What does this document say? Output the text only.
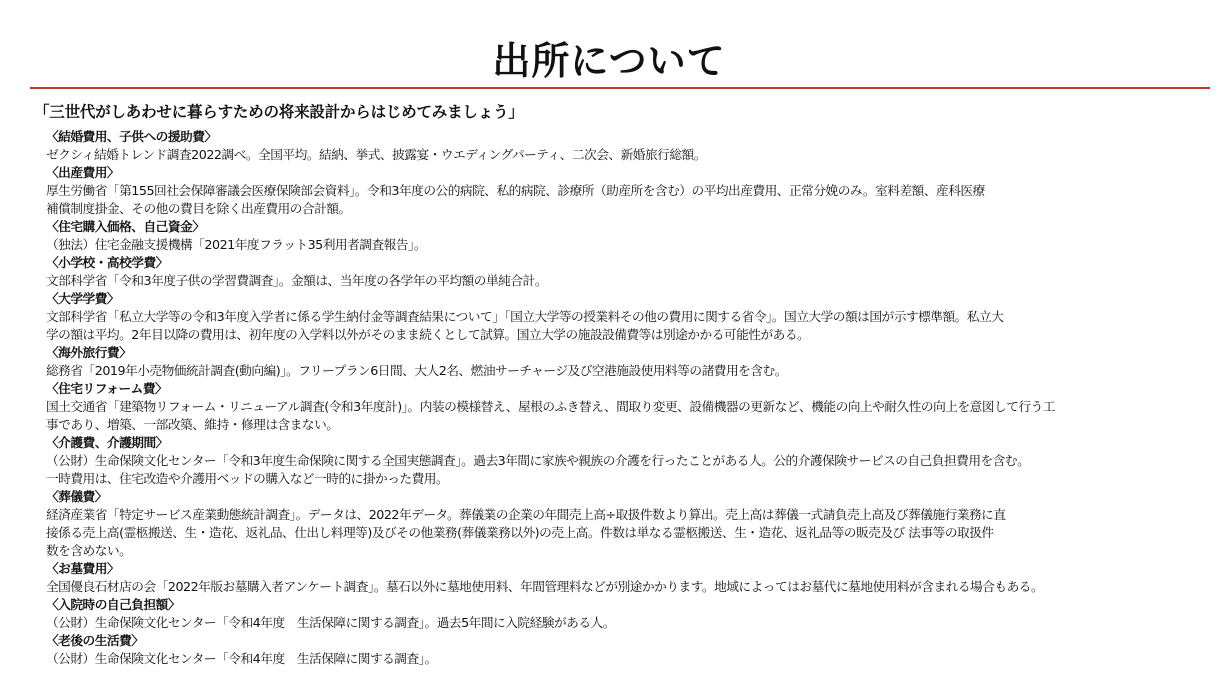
出所について
「三世代がしあわせに暮らすための将来設計からはじめてみましょう」
〈結婚費用、子供への援助費〉
ゼクシィ結婚トレンド調査2022調べ。全国平均。結納、挙式、披露宴・ウエディングパーティ、二次会、新婚旅行総額。
〈出産費用〉
厚生労働省「第155回社会保障審議会医療保険部会資料」。令和3年度の公的病院、私的病院、診療所（助産所を含む）の平均出産費用、正常分娩のみ。室料差額、産科医療
補償制度掛金、その他の費目を除く出産費用の合計額。
〈住宅購入価格、自己資金〉
（独法）住宅金融支援機構「2021年度フラット35利用者調査報告」。
〈小学校・高校学費〉
文部科学省「令和3年度子供の学習費調査」。金額は、当年度の各学年の平均額の単純合計。
〈大学学費〉
文部科学省「私立大学等の令和3年度入学者に係る学生納付金等調査結果について」「国立大学等の授業料その他の費用に関する省令」。国立大学の額は国が示す標準額。私立大
学の額は平均。2年目以降の費用は、初年度の入学料以外がそのまま続くとして試算。国立大学の施設設備費等は別途かかる可能性がある。
〈海外旅行費〉
総務省「2019年小売物価統計調査(動向編)」。フリープラン6日間、大人2名、燃油サーチャージ及び空港施設使用料等の諸費用を含む。
〈住宅リフォーム費〉
国土交通省「建築物リフォーム・リニューアル調査(令和3年度計)」。内装の模様替え、屋根のふき替え、間取り変更、設備機器の更新など、機能の向上や耐久性の向上を意図して行う工
事であり、増築、一部改築、維持・修理は含まない。
〈介護費、介護期間〉
（公財）生命保険文化センター「令和3年度生命保険に関する全国実態調査」。過去3年間に家族や親族の介護を行ったことがある人。公的介護保険サービスの自己負担費用を含む。
一時費用は、住宅改造や介護用ベッドの購入など一時的に掛かった費用。
〈葬儀費〉
経済産業省「特定サービス産業動態統計調査」。データは、2022年データ。葬儀業の企業の年間売上高÷取扱件数より算出。売上高は葬儀一式請負売上高及び葬儀施行業務に直
接係る売上高(霊柩搬送、生・造花、返礼品、仕出し料理等)及びその他業務(葬儀業務以外)の売上高。件数は単なる霊柩搬送、生・造花、返礼品等の販売及び 法事等の取扱件
数を含めない。
〈お墓費用〉
全国優良石材店の会「2022年版お墓購入者アンケート調査」。墓石以外に墓地使用料、年間管理料などが別途かかります。地域によってはお墓代に墓地使用料が含まれる場合もある。
〈入院時の自己負担額〉
（公財）生命保険文化センター「令和4年度　生活保障に関する調査」。過去5年間に入院経験がある人。
〈老後の生活費〉
（公財）生命保険文化センター「令和4年度　生活保障に関する調査」。
